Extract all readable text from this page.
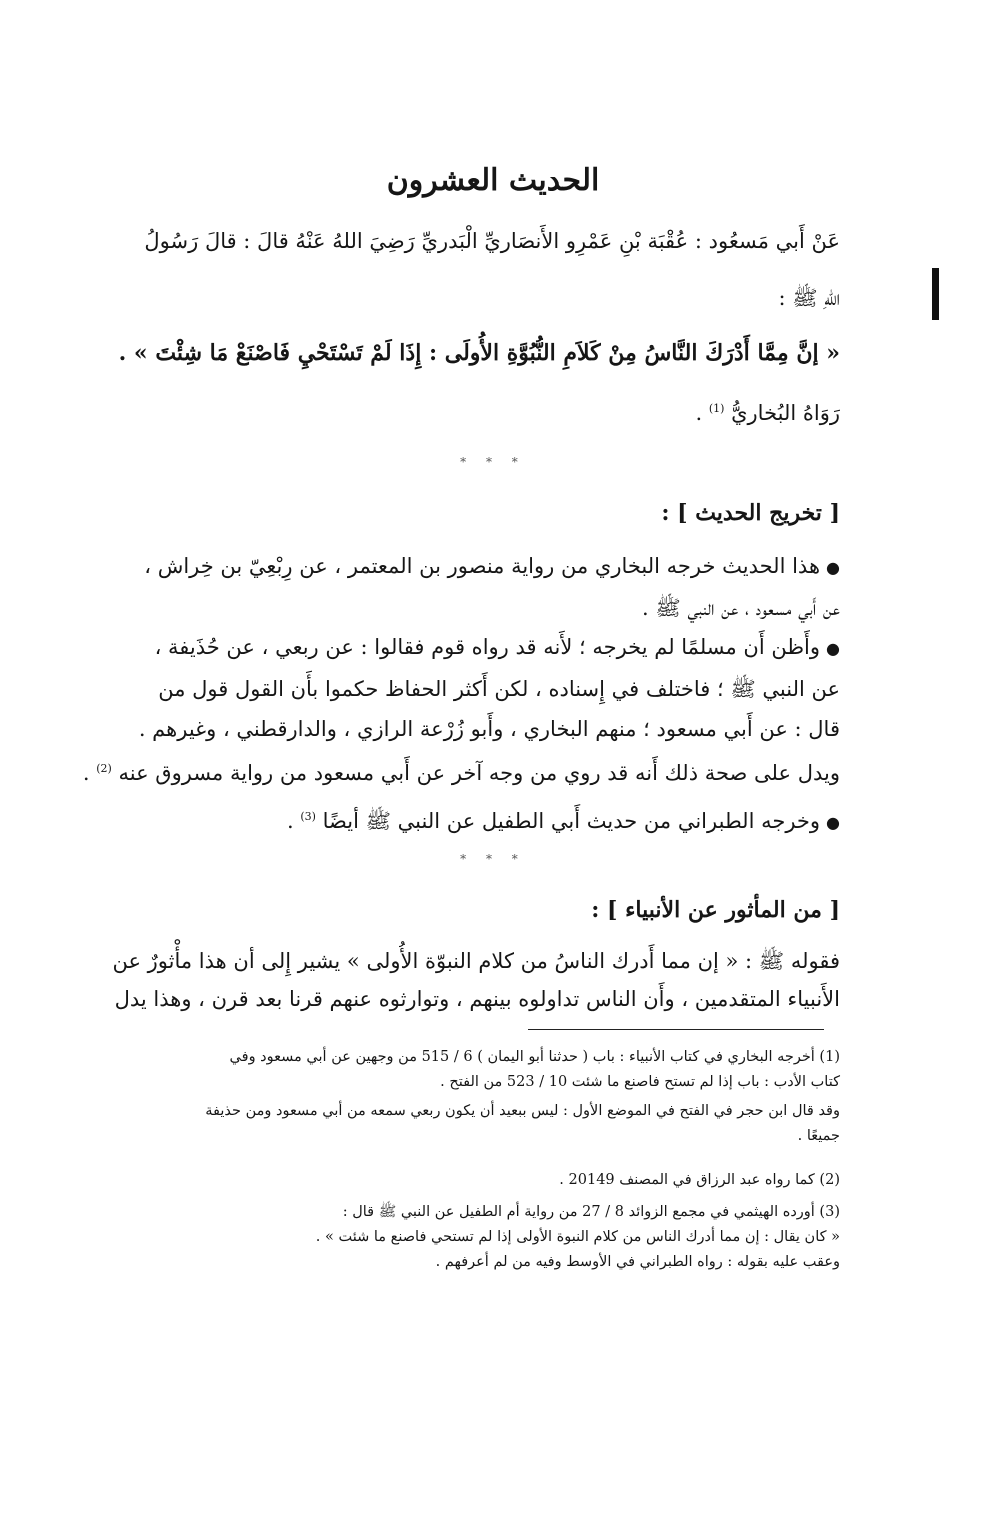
الحديث العشرون
عَنْ أَبي مَسعُود : عُقْبَة بْنِ عَمْرِو الأَنصَاريِّ الْبَدريِّ رَضِيَ اللهُ عَنْهُ قالَ : قالَ رَسُولُ
اللهِ ﷺ :
« إنَّ مِمَّا أَدْرَكَ النَّاسُ مِنْ كَلاَمِ النُّبُوَّةِ الأُولَى : إِذَا لَمْ تَسْتَحْيِ فَاصْنَعْ مَا شِئْتَ » .
رَوَاهُ البُخاريُّ $^{(1)}$ .
* * *
[ تخريج الحديث ] :
●هذا الحديث خرجه البخاري من رواية منصور بن المعتمر ، عن رِبْعِيّ بن خِراش ،
عن أَبي مسعود ، عن النبي ﷺ .
●وأَظن أَن مسلمًا لم يخرجه ؛ لأَنه قد رواه قوم فقالوا : عن ربعي ، عن حُذَيفة ،
عن النبي ﷺ ؛ فاختلف في إِسناده ، لكن أَكثر الحفاظ حكموا بأَن القول قول من
قال : عن أَبي مسعود ؛ منهم البخاري ، وأَبو زُرْعة الرازي ، والدارقطني ، وغيرهم .
ويدل على صحة ذلك أَنه قد روي من وجه آخر عن أَبي مسعود من رواية مسروق عنه $^{(2)}$ .
●وخرجه الطبراني من حديث أَبي الطفيل عن النبي ﷺ أيضًا $^{(3)}$ .
* * *
[ من المأثور عن الأنبياء ] :
فقوله ﷺ : « إن مما أَدرك الناسُ من كلام النبوّة الأُولى » يشير إِلى أن هذا مأْثورٌ عن
الأَنبياء المتقدمين ، وأَن الناس تداولوه بينهم ، وتوارثوه عنهم قرنا بعد قرن ، وهذا يدل
(1) أخرجه البخاري في كتاب الأنبياء : باب ( حدثنا أبو اليمان ) 6 / 515 من وجهين عن أبي مسعود وفي
كتاب الأدب : باب إذا لم تستح فاصنع ما شئت 10 / 523 من الفتح .
وقد قال ابن حجر في الفتح في الموضع الأول : ليس ببعيد أن يكون ربعي سمعه من أبي مسعود ومن حذيفة
جميعًا .
(2) كما رواه عبد الرزاق في المصنف 20149 .
(3) أورده الهيثمي في مجمع الزوائد 8 / 27 من رواية أم الطفيل عن النبي ﷺ قال :
« كان يقال : إن مما أدرك الناس من كلام النبوة الأولى إذا لم تستحي فاصنع ما شئت » .
وعقب عليه بقوله : رواه الطبراني في الأوسط وفيه من لم أعرفهم .
